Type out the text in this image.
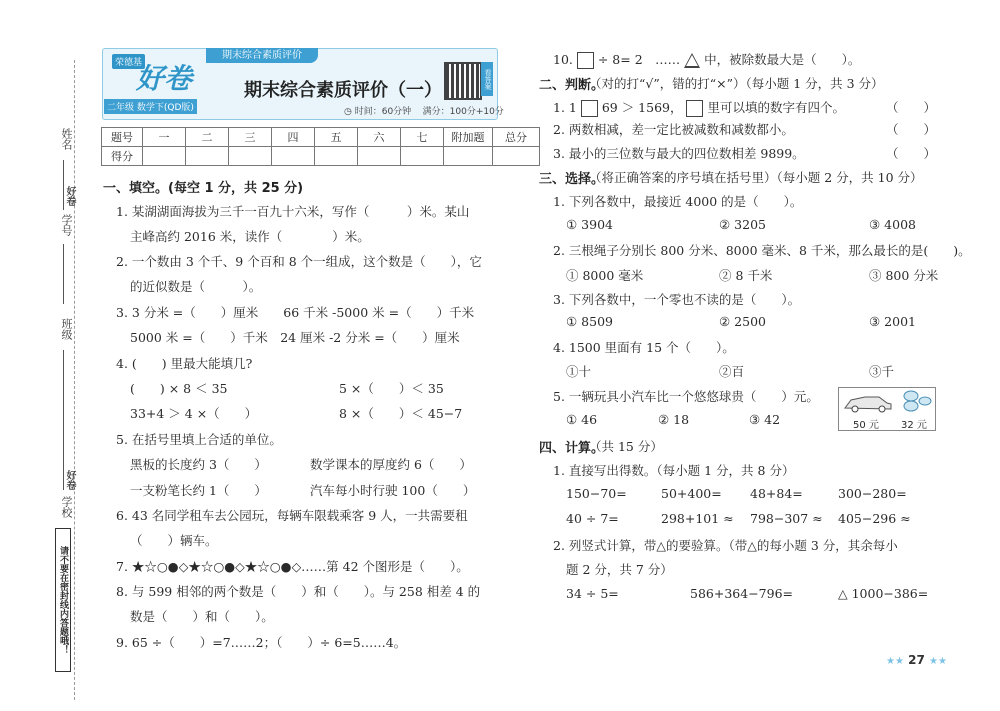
姓名
好卷
学号
班级
好卷
学校
请不要在密封线内答题哦！
荣德基
好卷
二年级 数学下(QD版)
期末综合素质评价
期末综合素质评价（一）
◷ 时间：60分钟 满分：100分+10分
看答案
题号	一	二	三	四	五	六	七	附加题	总分
得分									
一、填空。(每空 1 分，共 25 分)
1. 某湖湖面海拔为三千一百九十六米，写作（　　　）米。某山
主峰高约 2016 米，读作（　　　　）米。
2. 一个数由 3 个千、9 个百和 8 个一组成，这个数是（　　），它
的近似数是（　　　）。
3. 3 分米 =（　　）厘米　　66 千米 -5000 米 =（　　）千米
5000 米 =（　　）千米　24 厘米 -2 分米 =（　　）厘米
4. (　　) 里最大能填几?
(　　) × 8 ＜ 35	5 ×（　　）＜ 35
33+4 ＞ 4 ×（　　）	8 ×（　　）＜ 45−7
5. 在括号里填上合适的单位。
黑板的长度约 3（　　）	数学课本的厚度约 6（　　）
一支粉笔长约 1（　　）	汽车每小时行驶 100（　　）
6. 43 名同学租车去公园玩，每辆车限载乘客 9 人，一共需要租
（　　）辆车。
7. ★☆○●◇★☆○●◇★☆○●◇……第 42 个图形是（　　）。
8. 与 599 相邻的两个数是（　　）和（　　）。与 258 相差 4 的
数是（　　）和（　　）。
9. 65 ÷（　　）=7……2；（　　）÷ 6=5……4。
10. ÷ 8= 2　…… 中，被除数最大是（　　）。
二、判断。
（对的打“√”，错的打“×”）（每小题 1 分，共 3 分）
1. 1 69 ＞ 1569， 里可以填的数字有四个。	（　　）
2. 两数相减，差一定比被减数和减数都小。	（　　）
3. 最小的三位数与最大的四位数相差 9899。	（　　）
三、选择。
（将正确答案的序号填在括号里）（每小题 2 分，共 10 分）
1. 下列各数中，最接近 4000 的是（　　）。
① 3904	② 3205	③ 4008
2. 三根绳子分别长 800 分米、8000 毫米、8 千米，那么最长的是(　　)。
① 8000 毫米	② 8 千米	③ 800 分米
3. 下列各数中，一个零也不读的是（　　）。
① 8509	② 2500	③ 2001
4. 1500 里面有 15 个（　　）。
①十	②百	③千
5. 一辆玩具小汽车比一个悠悠球贵（　　）元。
① 46	② 18	③ 42	50 元 32 元
四、计算。
（共 15 分）
1. 直接写出得数。（每小题 1 分，共 8 分）
150−70=	50+400= 48+84=	300−280=
40 ÷ 7=	298+101 ≈ 798−307 ≈ 405−296 ≈
2. 列竖式计算，带△的要验算。（带△的每小题 3 分，其余每小
题 2 分，共 7 分）
34 ÷ 5=	586+364−796=	△ 1000−386=
★★ 27 ★★
